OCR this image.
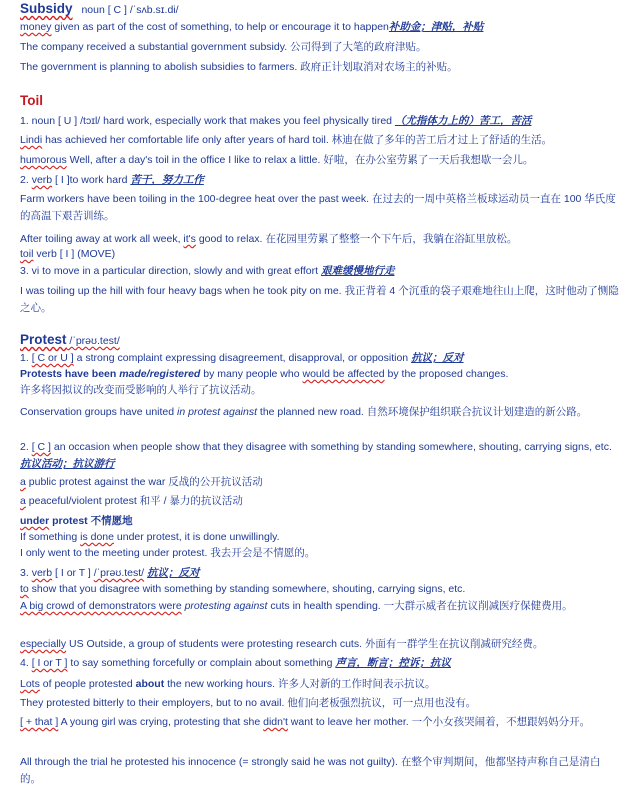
Subsidy noun [ C ] /ˈsʌb.sɪ.di/
money given as part of the cost of something, to help or encourage it to happen补助金；津贴，补贴
The company received a substantial government subsidy. 公司得到了大笔的政府津贴。
The government is planning to abolish subsidies to farmers. 政府正计划取消对农场主的补贴。
Toil
1. noun [ U ] /tɔɪl/ hard work, especially work that makes you feel physically tired （尤指体力上的）苦工，苦活
Lindi has achieved her comfortable life only after years of hard toil. 林迪在做了多年的苦工后才过上了舒适的生活。
humorous Well, after a day's toil in the office I like to relax a little. 好啦，在办公室劳累了一天后我想歇一会儿。
2. verb [ I ]to work hard 苦干，努力工作
Farm workers have been toiling in the 100-degree heat over the past week. 在过去的一周中英格兰板球运动员一直在 100 华氏度的高温下艰苦训练。
After toiling away at work all week, it's good to relax. 在花园里劳累了整整一个下午后，我躺在浴缸里放松。
toil verb [ I ] (MOVE)
3. vi to move in a particular direction, slowly and with great effort 艰难缓慢地行走
I was toiling up the hill with four heavy bags when he took pity on me. 我正背着 4 个沉重的袋子艰难地往山上爬，这时他动了恻隐之心。
Protest /ˈprəʊ.test/
1. [ C or U ] a strong complaint expressing disagreement, disapproval, or opposition 抗议；反对
Protests have been made/registered by many people who would be affected by the proposed changes.
许多将因拟议的改变而受影响的人举行了抗议活动。
Conservation groups have united in protest against the planned new road. 自然环境保护组织联合抗议计划建造的新公路。
2. [ C ] an occasion when people show that they disagree with something by standing somewhere, shouting, carrying signs, etc.抗议活动；抗议游行
a public protest against the war 反战的公开抗议活动
a peaceful/violent protest 和平 / 暴力的抗议活动
under protest 不情愿地
If something is done under protest, it is done unwillingly.
I only went to the meeting under protest. 我去开会是不情愿的。
3. verb [ I or T ] /ˈprəʊ.test/ 抗议；反对
to show that you disagree with something by standing somewhere, shouting, carrying signs, etc.
A big crowd of demonstrators were protesting against cuts in health spending. 一大群示威者在抗议削减医疗保健费用。
especially US Outside, a group of students were protesting research cuts. 外面有一群学生在抗议削减研究经费。
4. [ I or T ] to say something forcefully or complain about something 声言，断言；控诉；抗议
Lots of people protested about the new working hours. 许多人对新的工作时间表示抗议。
They protested bitterly to their employers, but to no avail. 他们向老板强烈抗议，可一点用也没有。
[ + that ] A young girl was crying, protesting that she didn't want to leave her mother. 一个小女孩哭闹着，不想跟妈妈分开。
All through the trial he protested his innocence (= strongly said he was not guilty). 在整个审判期间，他都坚持声称自己是清白的。
